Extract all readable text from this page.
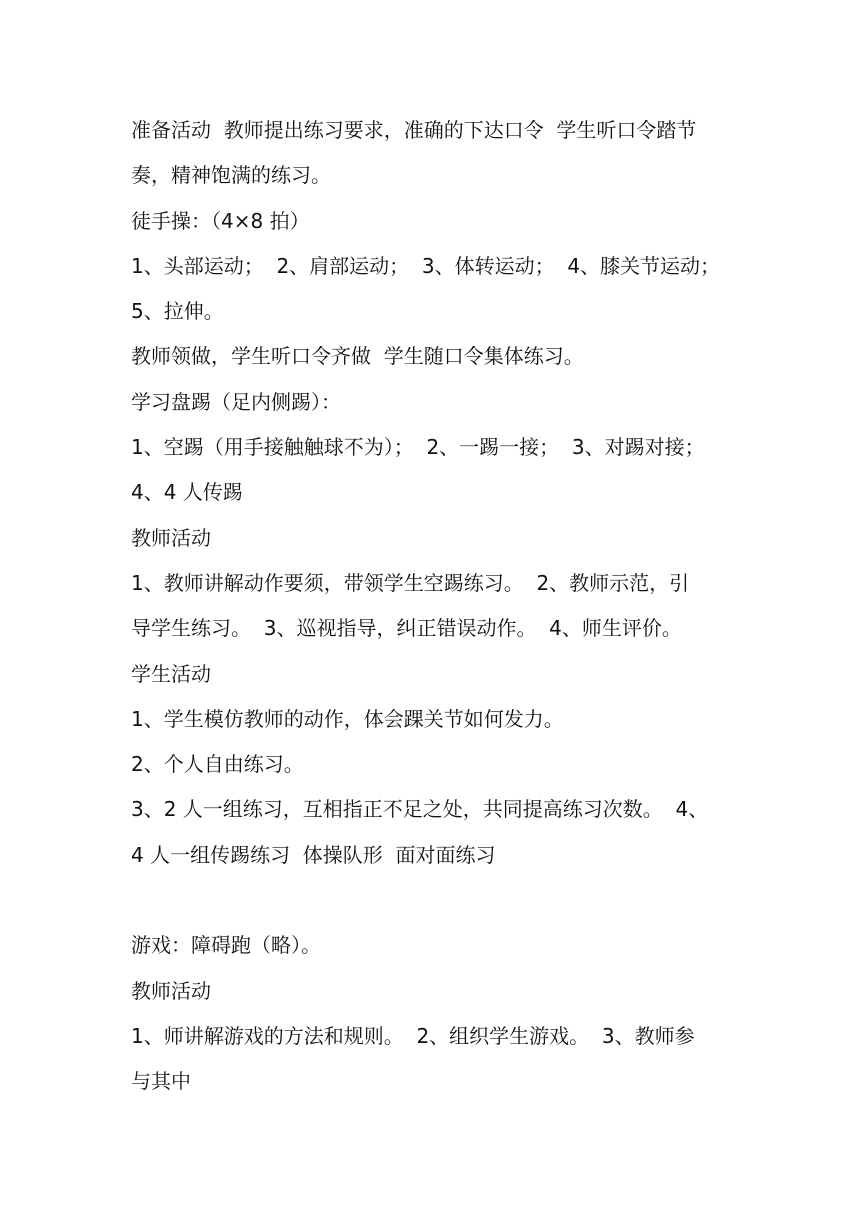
准备活动  教师提出练习要求，准确的下达口令  学生听口令踏节
奏，精神饱满的练习。
徒手操：（4×8 拍）
1、头部运动；  2、肩部运动；  3、体转运动；  4、膝关节运动；
5、拉伸。
教师领做，学生听口令齐做  学生随口令集体练习。
学习盘踢（足内侧踢）：
1、空踢（用手接触触球不为）；  2、一踢一接；  3、对踢对接；
4、4 人传踢
教师活动
1、教师讲解动作要须，带领学生空踢练习。  2、教师示范，引
导学生练习。  3、巡视指导，纠正错误动作。  4、师生评价。
学生活动
1、学生模仿教师的动作，体会踝关节如何发力。
2、个人自由练习。
3、2 人一组练习，互相指正不足之处，共同提高练习次数。  4、
4 人一组传踢练习  体操队形  面对面练习
游戏：障碍跑（略）。
教师活动
1、师讲解游戏的方法和规则。  2、组织学生游戏。  3、教师参
与其中
